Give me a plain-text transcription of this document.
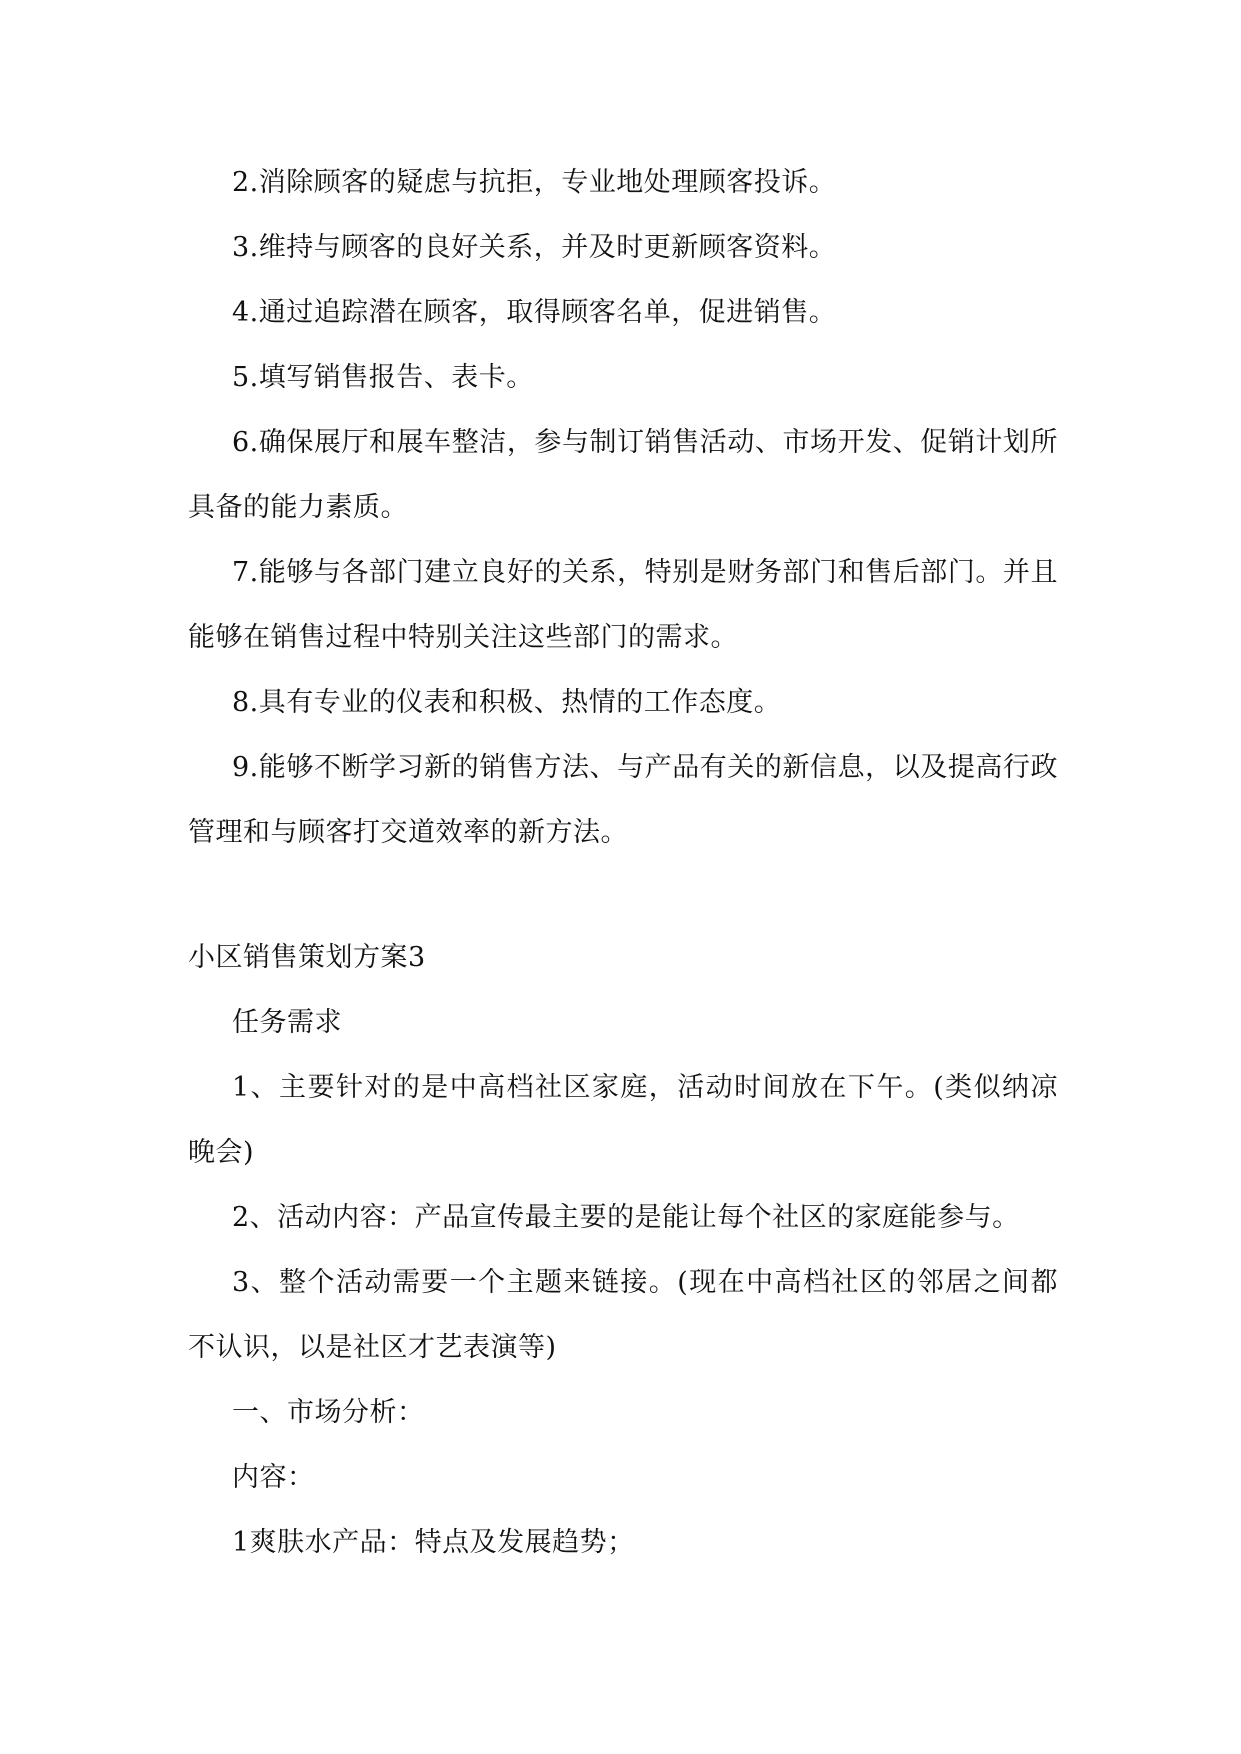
2.消除顾客的疑虑与抗拒，专业地处理顾客投诉。

3.维持与顾客的良好关系，并及时更新顾客资料。

4.通过追踪潜在顾客，取得顾客名单，促进销售。

5.填写销售报告、表卡。

6.确保展厅和展车整洁，参与制订销售活动、市场开发、促销计划所具备的能力素质。

7.能够与各部门建立良好的关系，特别是财务部门和售后部门。并且能够在销售过程中特别关注这些部门的需求。

8.具有专业的仪表和积极、热情的工作态度。

9.能够不断学习新的销售方法、与产品有关的新信息，以及提高行政管理和与顾客打交道效率的新方法。

小区销售策划方案3

任务需求

1、主要针对的是中高档社区家庭，活动时间放在下午。(类似纳凉晚会)

2、活动内容：产品宣传最主要的是能让每个社区的家庭能参与。

3、整个活动需要一个主题来链接。(现在中高档社区的邻居之间都不认识，以是社区才艺表演等)

一、市场分析：

内容：

1爽肤水产品：特点及发展趋势；
